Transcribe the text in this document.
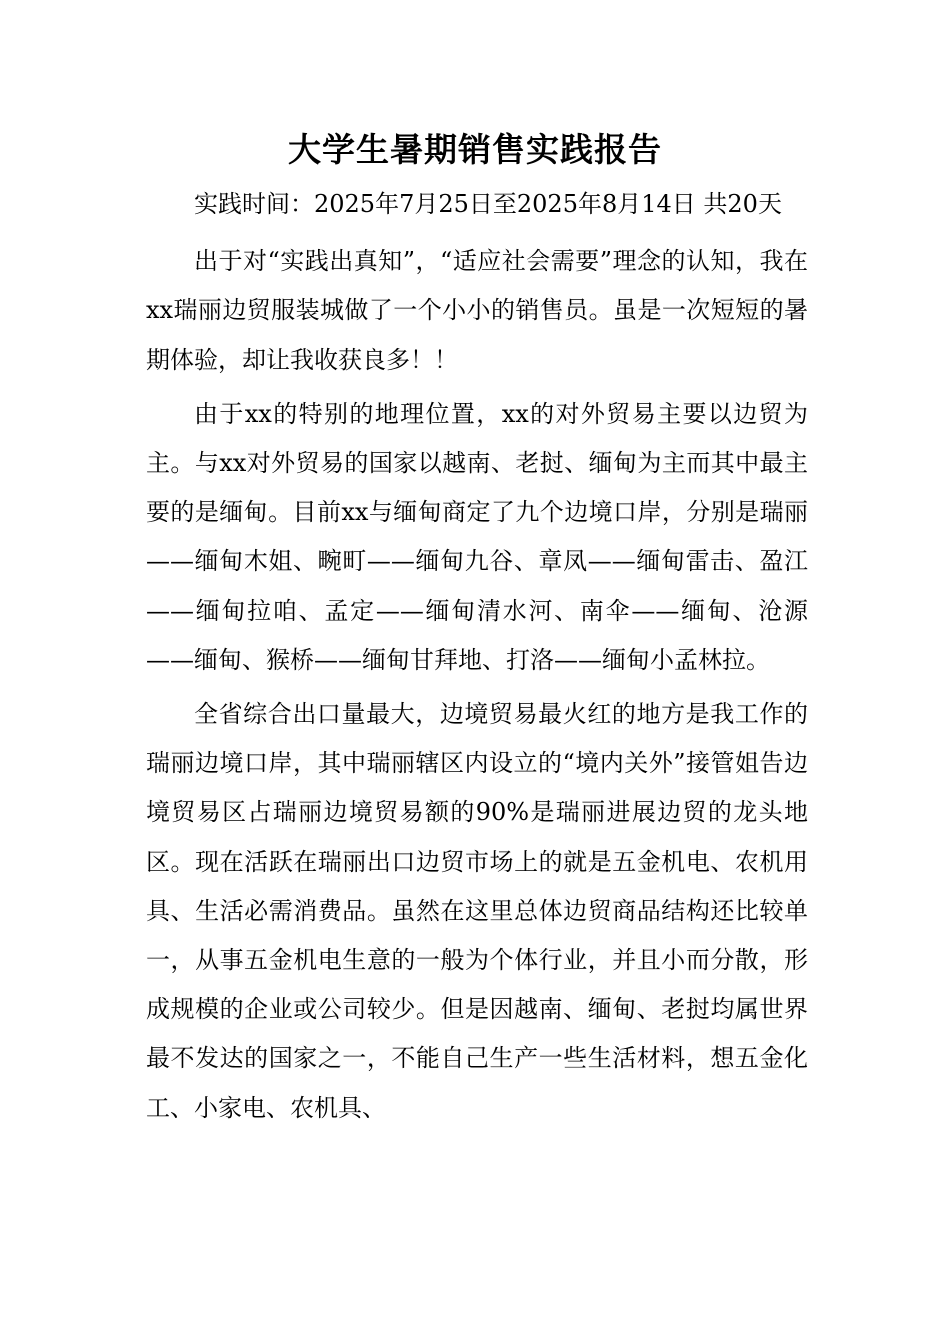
大学生暑期销售实践报告

实践时间：2025年7月25日至2025年8月14日 共20天

出于对“实践出真知”，“适应社会需要”理念的认知，我在xx瑞丽边贸服装城做了一个小小的销售员。虽是一次短短的暑期体验，却让我收获良多！！

由于xx的特别的地理位置，xx的对外贸易主要以边贸为主。与xx对外贸易的国家以越南、老挝、缅甸为主而其中最主要的是缅甸。目前xx与缅甸商定了九个边境口岸，分别是瑞丽——缅甸木姐、畹町——缅甸九谷、章凤——缅甸雷击、盈江——缅甸拉咱、孟定——缅甸清水河、南伞——缅甸、沧源——缅甸、猴桥——缅甸甘拜地、打洛——缅甸小孟林拉。

全省综合出口量最大，边境贸易最火红的地方是我工作的瑞丽边境口岸，其中瑞丽辖区内设立的“境内关外”接管姐告边境贸易区占瑞丽边境贸易额的90%是瑞丽进展边贸的龙头地区。现在活跃在瑞丽出口边贸市场上的就是五金机电、农机用具、生活必需消费品。虽然在这里总体边贸商品结构还比较单一，从事五金机电生意的一般为个体行业，并且小而分散，形成规模的企业或公司较少。但是因越南、缅甸、老挝均属世界最不发达的国家之一，不能自己生产一些生活材料，想五金化工、小家电、农机具、
